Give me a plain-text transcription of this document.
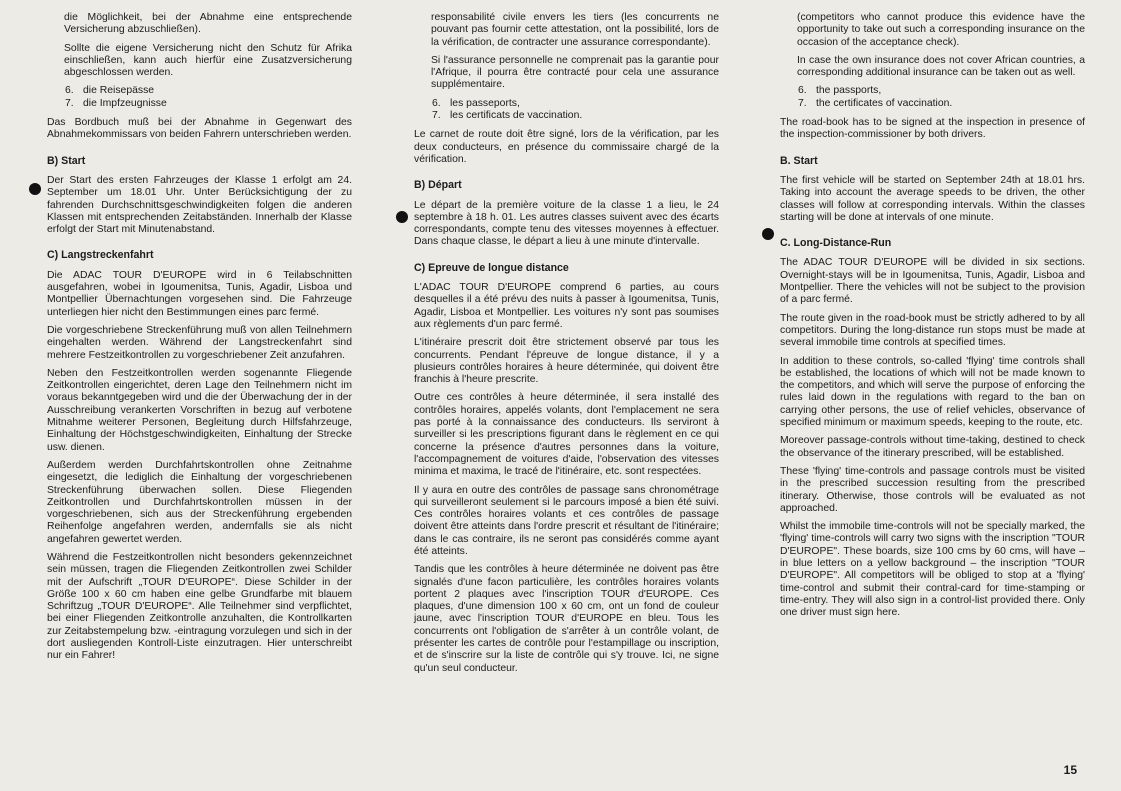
die Möglichkeit, bei der Abnahme eine entsprechende Versicherung abzuschließen).

Sollte die eigene Versicherung nicht den Schutz für Afrika einschließen, kann auch hierfür eine Zusatzversicherung abgeschlossen werden.

6. die Reisepässe
7. die Impfzeugnisse

Das Bordbuch muß bei der Abnahme in Gegenwart des Abnahmekommissars von beiden Fahrern unterschrieben werden.

B) Start

Der Start des ersten Fahrzeuges der Klasse 1 erfolgt am 24. September um 18.01 Uhr. Unter Berücksichtigung der zu fahrenden Durchschnittsgeschwindigkeiten folgen die anderen Klassen mit entsprechenden Zeitabständen. Innerhalb der Klasse erfolgt der Start mit Minutenabstand.

C) Langstreckenfahrt

Die ADAC TOUR D'EUROPE wird in 6 Teilabschnitten ausgefahren, wobei in Igoumenitsa, Tunis, Agadir, Lisboa und Montpellier Übernachtungen vorgesehen sind. Die Fahrzeuge unterliegen hier nicht den Bestimmungen eines parc fermé.

Die vorgeschriebene Streckenführung muß von allen Teilnehmern eingehalten werden. Während der Langstreckenfahrt sind mehrere Festzeitkontrollen zu vorgeschriebener Zeit anzufahren.

Neben den Festzeitkontrollen werden sogenannte Fliegende Zeitkontrollen eingerichtet, deren Lage den Teilnehmern nicht im voraus bekanntgegeben wird und die der Überwachung der in der Ausschreibung verankerten Vorschriften in bezug auf verbotene Mitnahme weiterer Personen, Begleitung durch Hilfsfahrzeuge, Einhaltung der Höchstgeschwindigkeiten, Einhaltung der Strecke usw. dienen.

Außerdem werden Durchfahrtskontrollen ohne Zeitnahme eingesetzt, die lediglich die Einhaltung der vorgeschriebenen Streckenführung überwachen sollen. Diese Fliegenden Zeitkontrollen und Durchfahrtskontrollen müssen in der vorgeschriebenen, sich aus der Streckenführung ergebenden Reihenfolge angefahren werden, andernfalls sie als nicht angefahren gewertet werden.

Während die Festzeitkontrollen nicht besonders gekennzeichnet sein müssen, tragen die Fliegenden Zeitkontrollen zwei Schilder mit der Aufschrift „TOUR D'EUROPE“. Diese Schilder in der Größe 100 x 60 cm haben eine gelbe Grundfarbe mit blauem Schriftzug „TOUR D'EUROPE“. Alle Teilnehmer sind verpflichtet, bei einer Fliegenden Zeitkontrolle anzuhalten, die Kontrollkarten zur Zeitabstempelung bzw. -eintragung vorzulegen und sich in der dort ausliegenden Kontroll-Liste einzutragen. Hier unterschreibt nur ein Fahrer!

responsabilité civile envers les tiers (les concurrents ne pouvant pas fournir cette attestation, ont la possibilité, lors de la vérification, de contracter une assurance correspondante).

Si l'assurance personnelle ne comprenait pas la garantie pour l'Afrique, il pourra être contracté pour cela une assurance supplémentaire.

6. les passeports,
7. les certificats de vaccination.

Le carnet de route doit être signé, lors de la vérification, par les deux conducteurs, en présence du commissaire chargé de la vérification.

B) Départ

Le départ de la première voiture de la classe 1 a lieu, le 24 septembre à 18 h. 01. Les autres classes suivent avec des écarts correspondants, compte tenu des vitesses moyennes à effectuer. Dans chaque classe, le départ a lieu à une minute d'intervalle.

C) Epreuve de longue distance

L'ADAC TOUR D'EUROPE comprend 6 parties, au cours desquelles il a été prévu des nuits à passer à Igoumenitsa, Tunis, Agadir, Lisboa et Montpellier. Les voitures n'y sont pas soumises aux règlements d'un parc fermé.

L'itinéraire prescrit doit être strictement observé par tous les concurrents. Pendant l'épreuve de longue distance, il y a plusieurs contrôles horaires à heure déterminée, qui doivent être franchis à l'heure prescrite.

Outre ces contrôles à heure déterminée, il sera installé des contrôles horaires, appelés volants, dont l'emplacement ne sera pas porté à la connaissance des conducteurs. Ils serviront à surveiller si les prescriptions figurant dans le règlement en ce qui concerne la présence d'autres personnes dans la voiture, l'accompagnement de voitures d'aide, l'observation des vitesses minima et maxima, le tracé de l'itinéraire, etc. sont respectées.

Il y aura en outre des contrôles de passage sans chronométrage qui surveilleront seulement si le parcours imposé a bien été suivi. Ces contrôles horaires volants et ces contrôles de passage doivent être atteints dans l'ordre prescrit et résultant de l'itinéraire; dans le cas contraire, ils ne seront pas considérés comme ayant été atteints.

Tandis que les contrôles à heure déterminée ne doivent pas être signalés d'une facon particulière, les contrôles horaires volants portent 2 plaques avec l'inscription TOUR d'EUROPE. Ces plaques, d'une dimension 100 x 60 cm, ont un fond de couleur jaune, avec l'inscription TOUR d'EUROPE en bleu. Tous les concurrents ont l'obligation de s'arrêter à un contrôle volant, de présenter les cartes de contrôle pour l'estampillage ou inscription, et de s'inscrire sur la liste de contrôle qui s'y trouve. Ici, ne signe qu'un seul conducteur.

(competitors who cannot produce this evidence have the opportunity to take out such a corresponding insurance on the occasion of the acceptance check).

In case the own insurance does not cover African countries, a corresponding additional insurance can be taken out as well.

6. the passports,
7. the certificates of vaccination.

The road-book has to be signed at the inspection in presence of the inspection-commissioner by both drivers.

B. Start

The first vehicle will be started on September 24th at 18.01 hrs. Taking into account the average speeds to be driven, the other classes will follow at corresponding intervals. Within the classes starting will be done at intervals of one minute.

C. Long-Distance-Run

The ADAC TOUR D'EUROPE will be divided in six sections. Overnight-stays will be in Igoumenitsa, Tunis, Agadir, Lisboa and Montpellier. There the vehicles will not be subject to the provision of a parc fermé.

The route given in the road-book must be strictly adhered to by all competitors. During the long-distance run stops must be made at several immobile time controls at specified times.

In addition to these controls, so-called 'flying' time controls shall be established, the locations of which will not be made known to the competitors, and which will serve the purpose of enforcing the rules laid down in the regulations with regard to the ban on carrying other persons, the use of relief vehicles, observance of specified minimum or maximum speeds, keeping to the route, etc.

Moreover passage-controls without time-taking, destined to check the observance of the itinerary prescribed, will be established.

These 'flying' time-controls and passage controls must be visited in the prescribed succession resulting from the prescribed itinerary. Otherwise, those controls will be evaluated as not approached.

Whilst the immobile time-controls will not be specially marked, the 'flying' time-controls will carry two signs with the inscription "TOUR D'EUROPE". These boards, size 100 cms by 60 cms, will have – in blue letters on a yellow background – the inscription "TOUR D'EUROPE". All competitors will be obliged to stop at a 'flying' time-control and submit their contral-card for time-stamping or time-entry. They will also sign in a control-list provided there. Only one driver must sign here.

15
